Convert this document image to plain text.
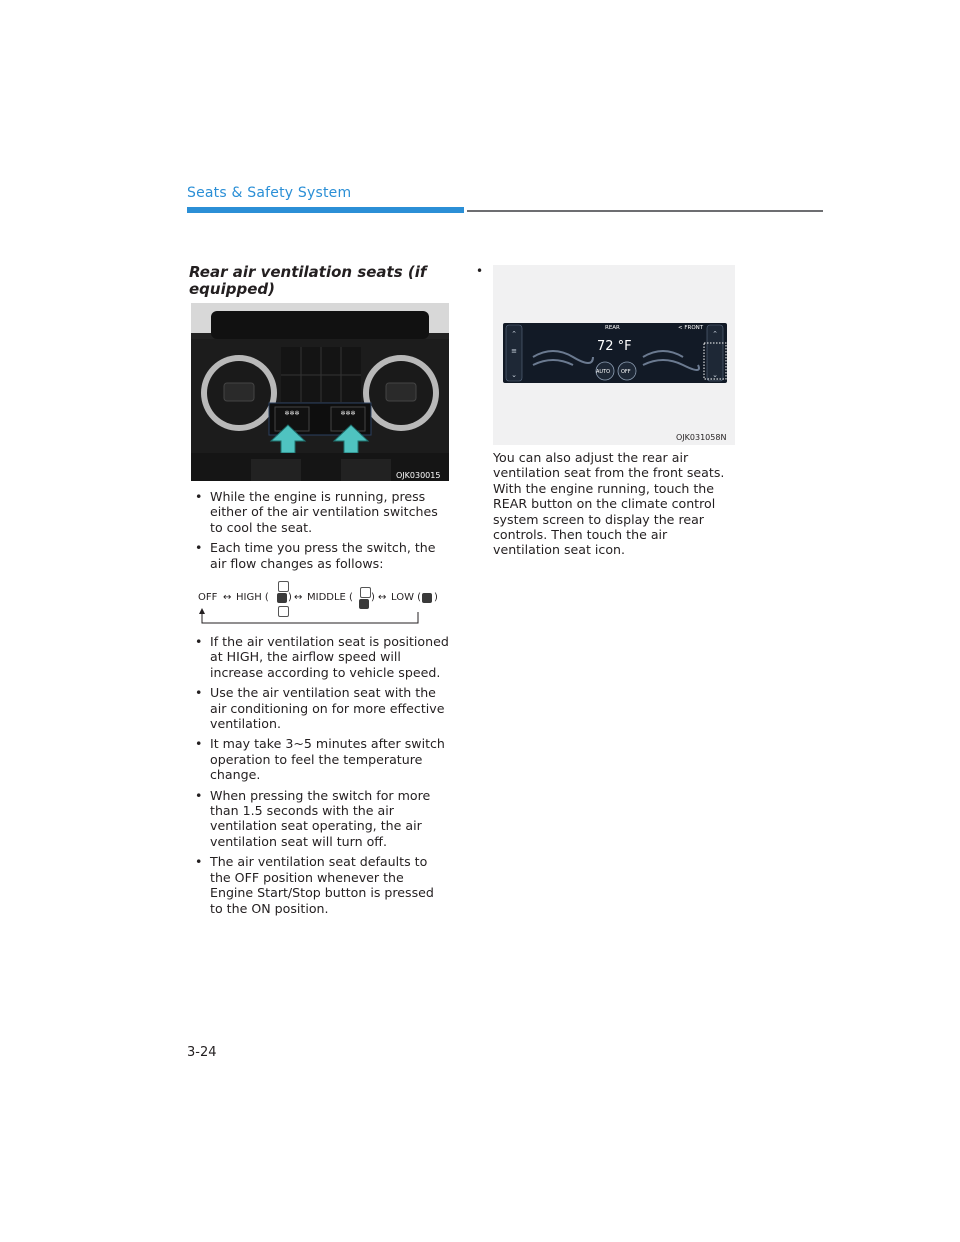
Seats & Safety System
Rear air ventilation seats (if equipped)
✻✻✻	✻✻✻
OJK030015
• While the engine is running, press either of the air ventilation switches to cool the seat.
• Each time you press the switch, the air flow changes as follows:
OFF ↔ HIGH ( ) ↔ MIDDLE ( ) ↔ LOW ( )
• If the air ventilation seat is positioned at HIGH, the airflow speed will increase according to vehicle speed.
• Use the air ventilation seat with the air conditioning on for more effective ventilation.
• It may take 3~5 minutes after switch operation to feel the temperature change.
• When pressing the switch for more than 1.5 seconds with the air ventilation seat operating, the air ventilation seat will turn off.
• The air ventilation seat defaults to the OFF position whenever the Engine Start/Stop button is pressed to the ON position.
•
⌃
≡
⌄
⌃
⌄
REAR	< FRONT
72 °F
AUTO OFF
OJK031058N

You can also adjust the rear air ventilation seat from the front seats. With the engine running, touch the REAR button on the climate control system screen to display the rear controls. Then touch the air ventilation seat icon.

3-24
